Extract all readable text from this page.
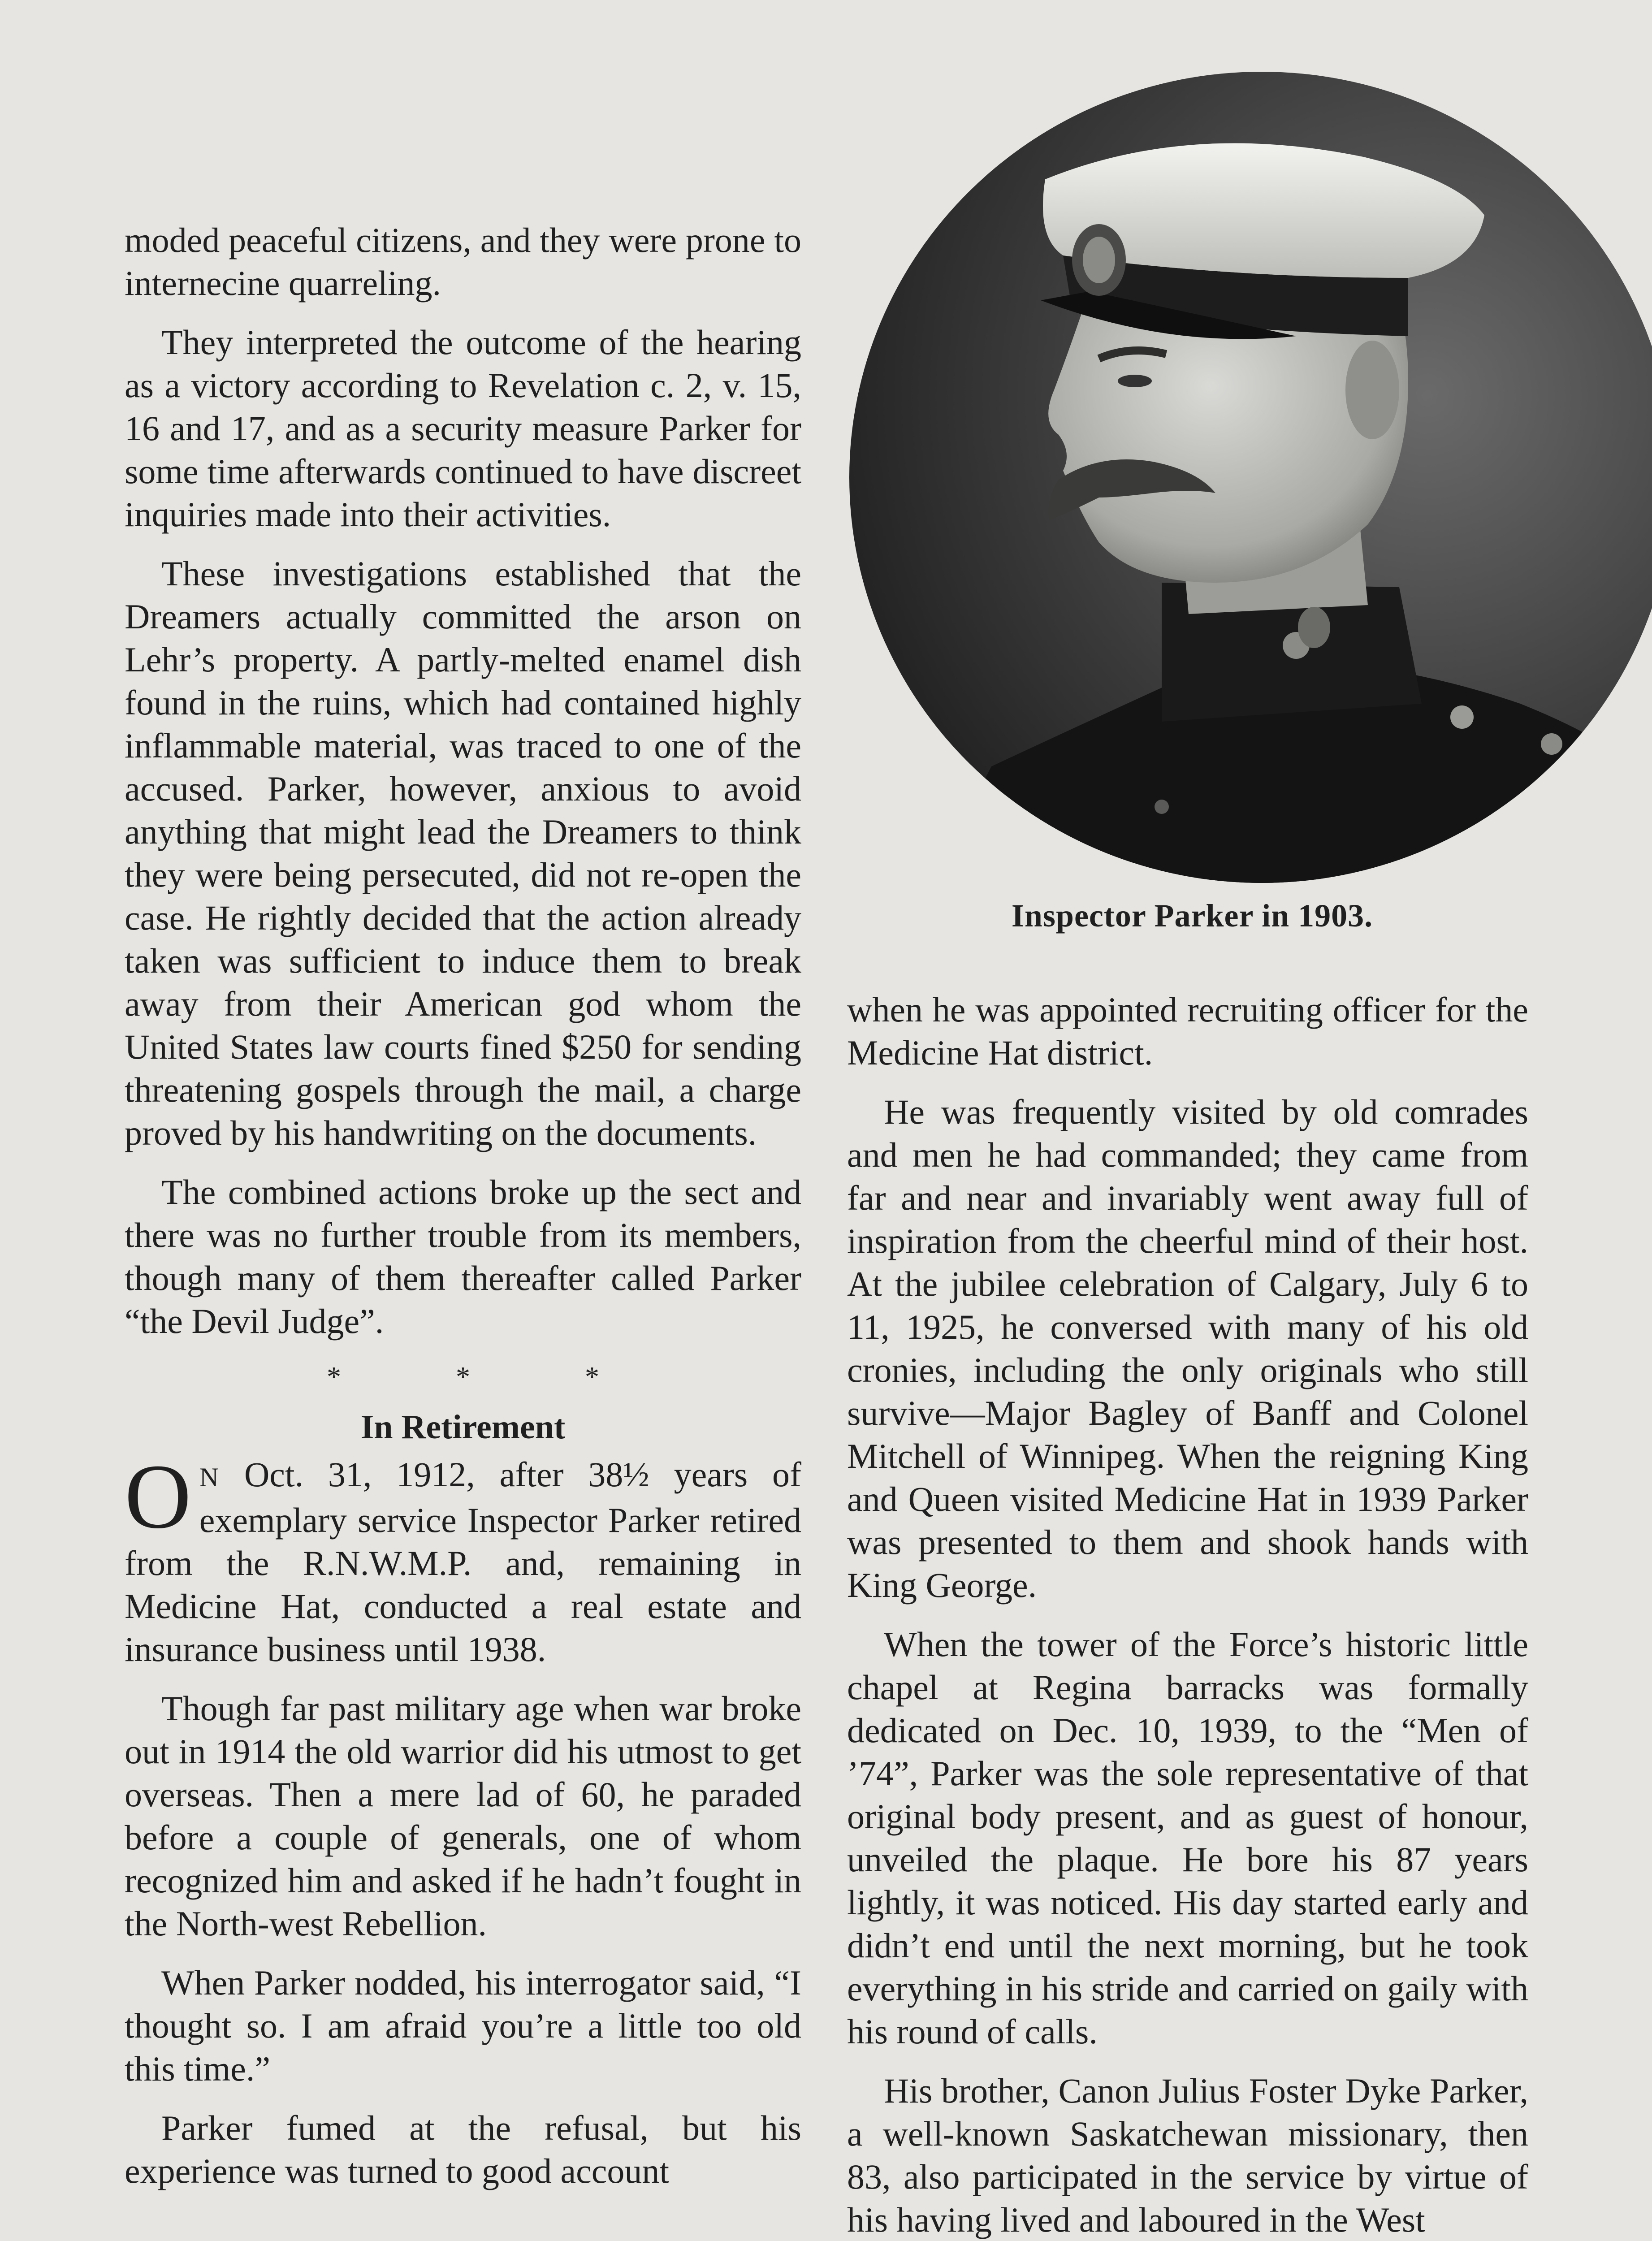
moded peaceful citizens, and they were prone to internecine quarreling.

They interpreted the outcome of the hearing as a victory according to Revelation c. 2, v. 15, 16 and 17, and as a security measure Parker for some time afterwards continued to have discreet inquiries made into their activities.

These investigations established that the Dreamers actually committed the arson on Lehr’s property. A partly-melted enamel dish found in the ruins, which had contained highly inflammable material, was traced to one of the accused. Parker, however, anxious to avoid anything that might lead the Dreamers to think they were being persecuted, did not re-open the case. He rightly decided that the action already taken was sufficient to induce them to break away from their American god whom the United States law courts fined $250 for sending threatening gospels through the mail, a charge proved by his handwriting on the documents.

The combined actions broke up the sect and there was no further trouble from its members, though many of them thereafter called Parker “the Devil Judge”.

* * *
In Retirement

O N Oct. 31, 1912, after 38½ years of exemplary service Inspector Parker retired from the R.N.W.M.P. and, remaining in Medicine Hat, conducted a real estate and insurance business until 1938.

Though far past military age when war broke out in 1914 the old warrior did his utmost to get overseas. Then a mere lad of 60, he paraded before a couple of generals, one of whom recognized him and asked if he hadn’t fought in the North-west Rebellion.

When Parker nodded, his interrogator said, “I thought so. I am afraid you’re a little too old this time.”

Parker fumed at the refusal, but his experience was turned to good account

Inspector Parker in 1903.

when he was appointed recruiting officer for the Medicine Hat district.

He was frequently visited by old comrades and men he had commanded; they came from far and near and invariably went away full of inspiration from the cheerful mind of their host. At the jubilee celebration of Calgary, July 6 to 11, 1925, he conversed with many of his old cronies, including the only originals who still survive—Major Bagley of Banff and Colonel Mitchell of Winnipeg. When the reigning King and Queen visited Medicine Hat in 1939 Parker was presented to them and shook hands with King George.

When the tower of the Force’s historic little chapel at Regina barracks was formally dedicated on Dec. 10, 1939, to the “Men of ’74”, Parker was the sole representative of that original body present, and as guest of honour, unveiled the plaque. He bore his 87 years lightly, it was noticed. His day started early and didn’t end until the next morning, but he took everything in his stride and carried on gaily with his round of calls.

His brother, Canon Julius Foster Dyke Parker, a well-known Saskatchewan missionary, then 83, also participated in the service by virtue of his having lived and laboured in the West
